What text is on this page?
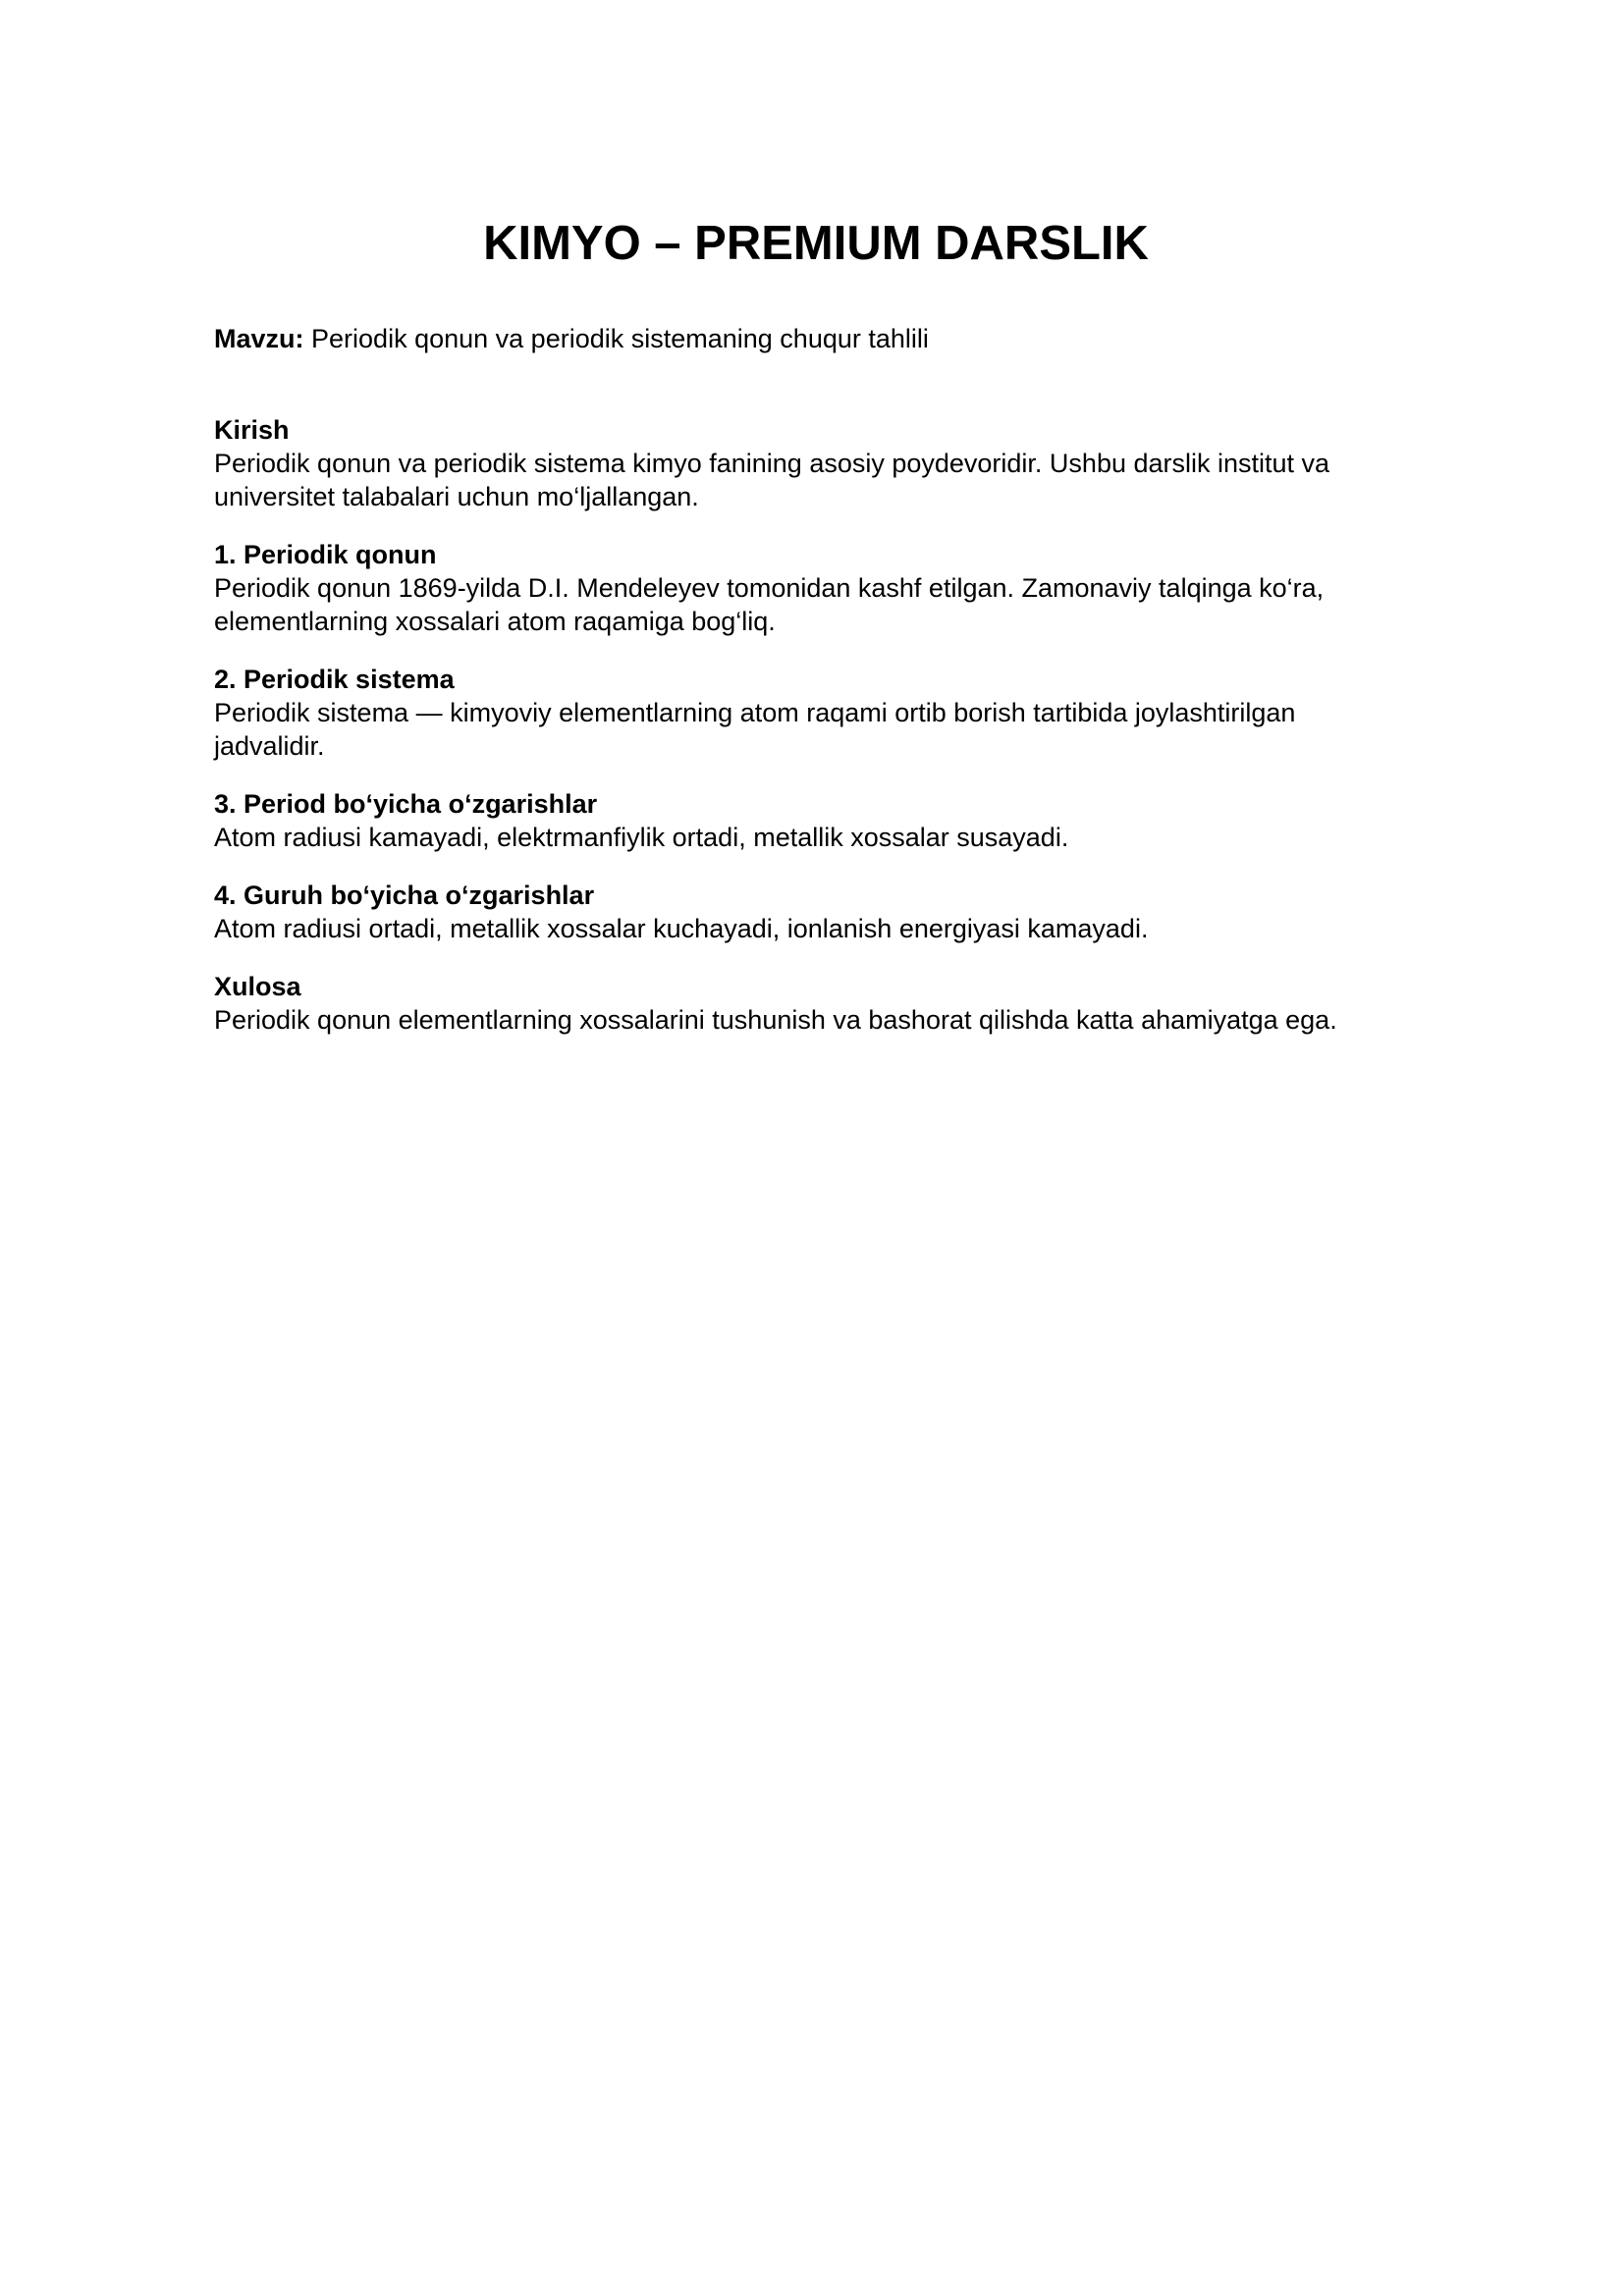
KIMYO – PREMIUM DARSLIK

Mavzu: Periodik qonun va periodik sistemaning chuqur tahlili

Kirish

Periodik qonun va periodik sistema kimyo fanining asosiy poydevoridir. Ushbu darslik institut va universitet talabalari uchun mo‘ljallangan.

1. Periodik qonun

Periodik qonun 1869-yilda D.I. Mendeleyev tomonidan kashf etilgan. Zamonaviy talqinga ko‘ra, elementlarning xossalari atom raqamiga bog‘liq.

2. Periodik sistema

Periodik sistema — kimyoviy elementlarning atom raqami ortib borish tartibida joylashtirilgan jadvalidir.

3. Period bo‘yicha o‘zgarishlar

Atom radiusi kamayadi, elektrmanfiylik ortadi, metallik xossalar susayadi.

4. Guruh bo‘yicha o‘zgarishlar

Atom radiusi ortadi, metallik xossalar kuchayadi, ionlanish energiyasi kamayadi.

Xulosa

Periodik qonun elementlarning xossalarini tushunish va bashorat qilishda katta ahamiyatga ega.
